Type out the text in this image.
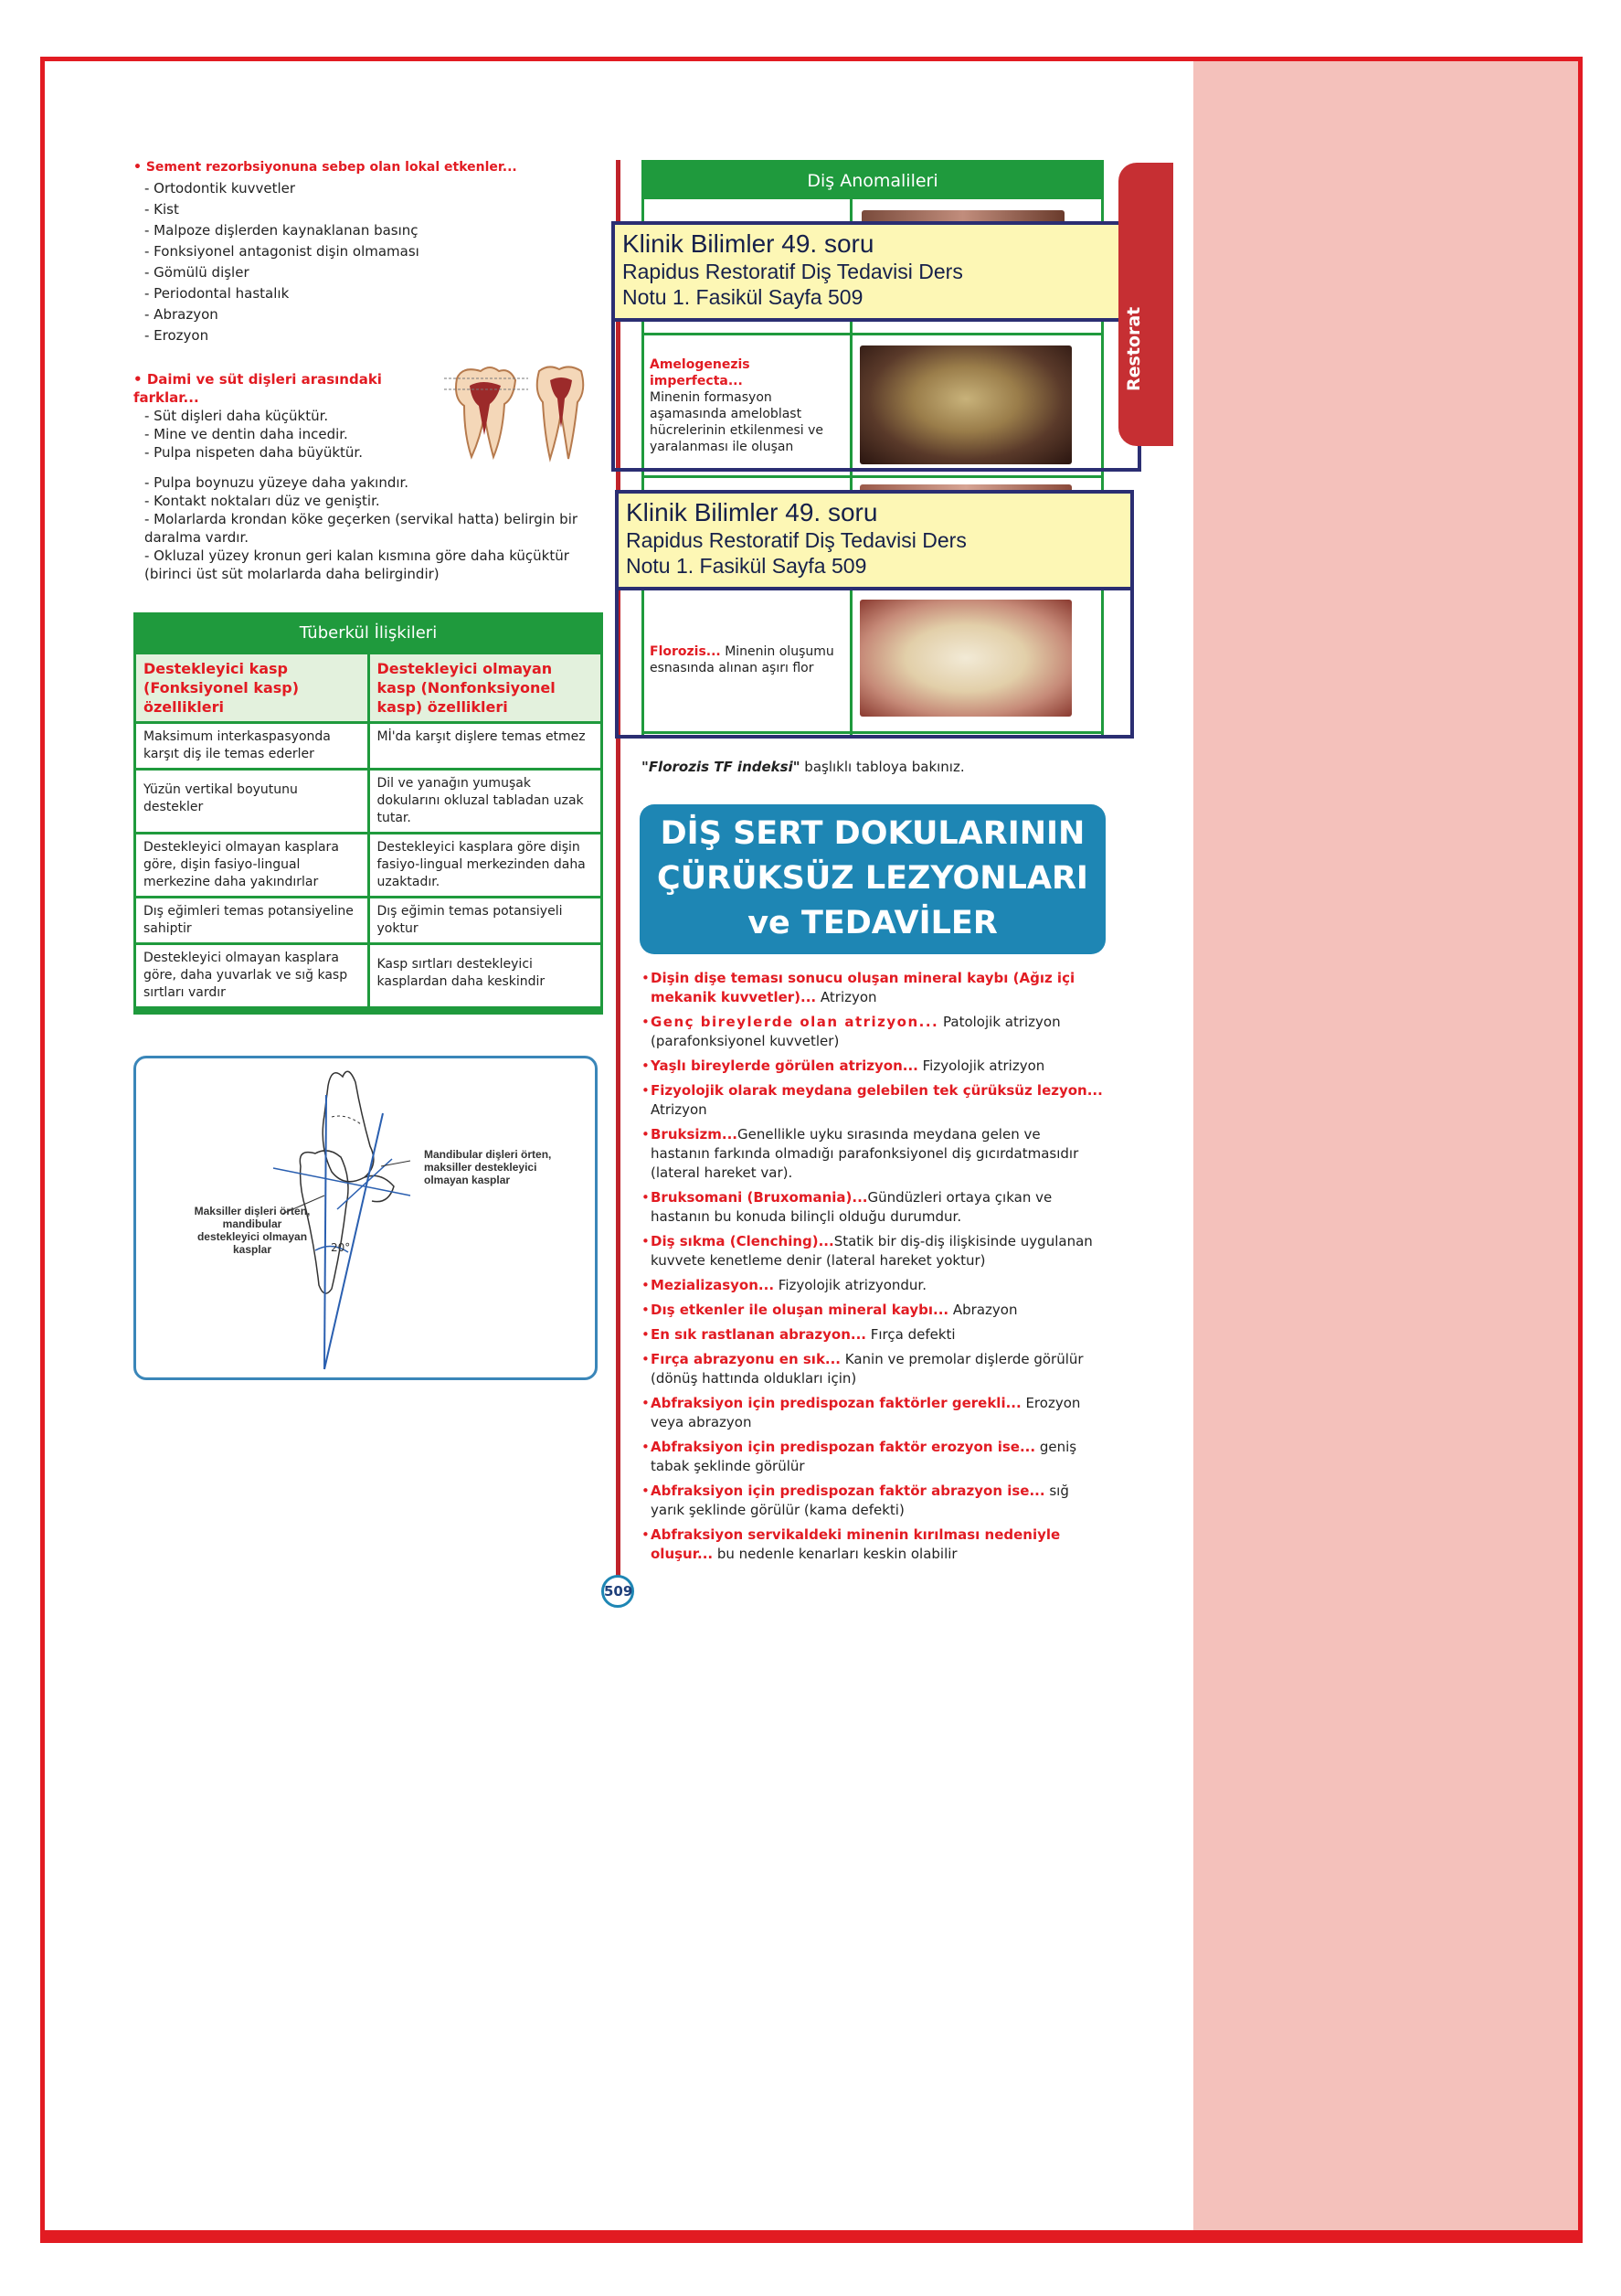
• Sement rezorbsiyonuna sebep olan lokal etkenler...
- Ortodontik kuvvetler
- Kist
- Malpoze dişlerden kaynaklanan basınç
- Fonksiyonel antagonist dişin olmaması
- Gömülü dişler
- Periodontal hastalık
- Abrazyon
- Erozyon
• Daimi ve süt dişleri arasındaki farklar...
- Süt dişleri daha küçüktür.
- Mine ve dentin daha incedir.
- Pulpa nispeten daha büyüktür.
- Pulpa boynuzu yüzeye daha yakındır.
- Kontakt noktaları düz ve geniştir.
- Molarlarda krondan köke geçerken (servikal hatta) belirgin bir daralma vardır.
- Okluzal yüzey kronun geri kalan kısmına göre daha küçüktür (birinci üst süt molarlarda daha belirgindir)
Tüberkül İlişkileri
Destekleyici kasp (Fonksiyonel kasp) özellikleri
Destekleyici olmayan kasp (Nonfonksiyonel kasp) özellikleri
Maksimum interkaspasyonda karşıt diş ile temas ederler
Mİ'da karşıt dişlere temas etmez
Yüzün vertikal boyutunu destekler
Dil ve yanağın yumuşak dokularını okluzal tabladan uzak tutar.
Destekleyici olmayan kasplara göre, dişin fasiyo-lingual merkezine daha yakındırlar
Destekleyici kasplara göre dişin fasiyo-lingual merkezinden daha uzaktadır.
Dış eğimleri temas potansiyeline sahiptir
Dış eğimin temas potansiyeli yoktur
Destekleyici olmayan kasplara göre, daha yuvarlak ve sığ kasp sırtları vardır
Kasp sırtları destekleyici kasplardan daha keskindir
20°
Mandibular dişleri örten, maksiller destekleyici olmayan kasplar
Maksiller dişleri örten, mandibular destekleyici olmayan kasplar
Diş Anomalileri
Amelogenezis imperfecta...
Minenin formasyon aşamasında ameloblast hücrelerinin etkilenmesi ve yaralanması ile oluşan
Florozis... Minenin oluşumu esnasında alınan aşırı flor
Klinik Bilimler 49. soru
Rapidus Restoratif Diş Tedavisi Ders
Notu 1. Fasikül Sayfa 509
Klinik Bilimler 49. soru
Rapidus Restoratif Diş Tedavisi Ders
Notu 1. Fasikül Sayfa 509
Restorat
"Florozis TF indeksi" başlıklı tabloya bakınız.
DİŞ SERT DOKULARININ
ÇÜRÜKSÜZ LEZYONLARI
ve TEDAVİLER
• Dişin dişe teması sonucu oluşan mineral kaybı (Ağız içi mekanik kuvvetler)... Atrizyon
• Genç bireylerde olan atrizyon... Patolojik atrizyon (parafonksiyonel kuvvetler)
• Yaşlı bireylerde görülen atrizyon... Fizyolojik atrizyon
• Fizyolojik olarak meydana gelebilen tek çürüksüz lezyon... Atrizyon
• Bruksizm...Genellikle uyku sırasında meydana gelen ve hastanın farkında olmadığı parafonksiyonel diş gıcırdatmasıdır (lateral hareket var).
• Bruksomani (Bruxomania)...Gündüzleri ortaya çıkan ve hastanın bu konuda bilinçli olduğu durumdur.
• Diş sıkma (Clenching)...Statik bir diş-diş ilişkisinde uygulanan kuvvete kenetleme denir (lateral hareket yoktur)
• Mezializasyon... Fizyolojik atrizyondur.
• Dış etkenler ile oluşan mineral kaybı... Abrazyon
• En sık rastlanan abrazyon... Fırça defekti
• Fırça abrazyonu en sık... Kanin ve premolar dişlerde görülür (dönüş hattında oldukları için)
• Abfraksiyon için predispozan faktörler gerekli... Erozyon veya abrazyon
• Abfraksiyon için predispozan faktör erozyon ise... geniş tabak şeklinde görülür
• Abfraksiyon için predispozan faktör abrazyon ise... sığ yarık şeklinde görülür (kama defekti)
• Abfraksiyon servikaldeki minenin kırılması nedeniyle oluşur... bu nedenle kenarları keskin olabilir
509
